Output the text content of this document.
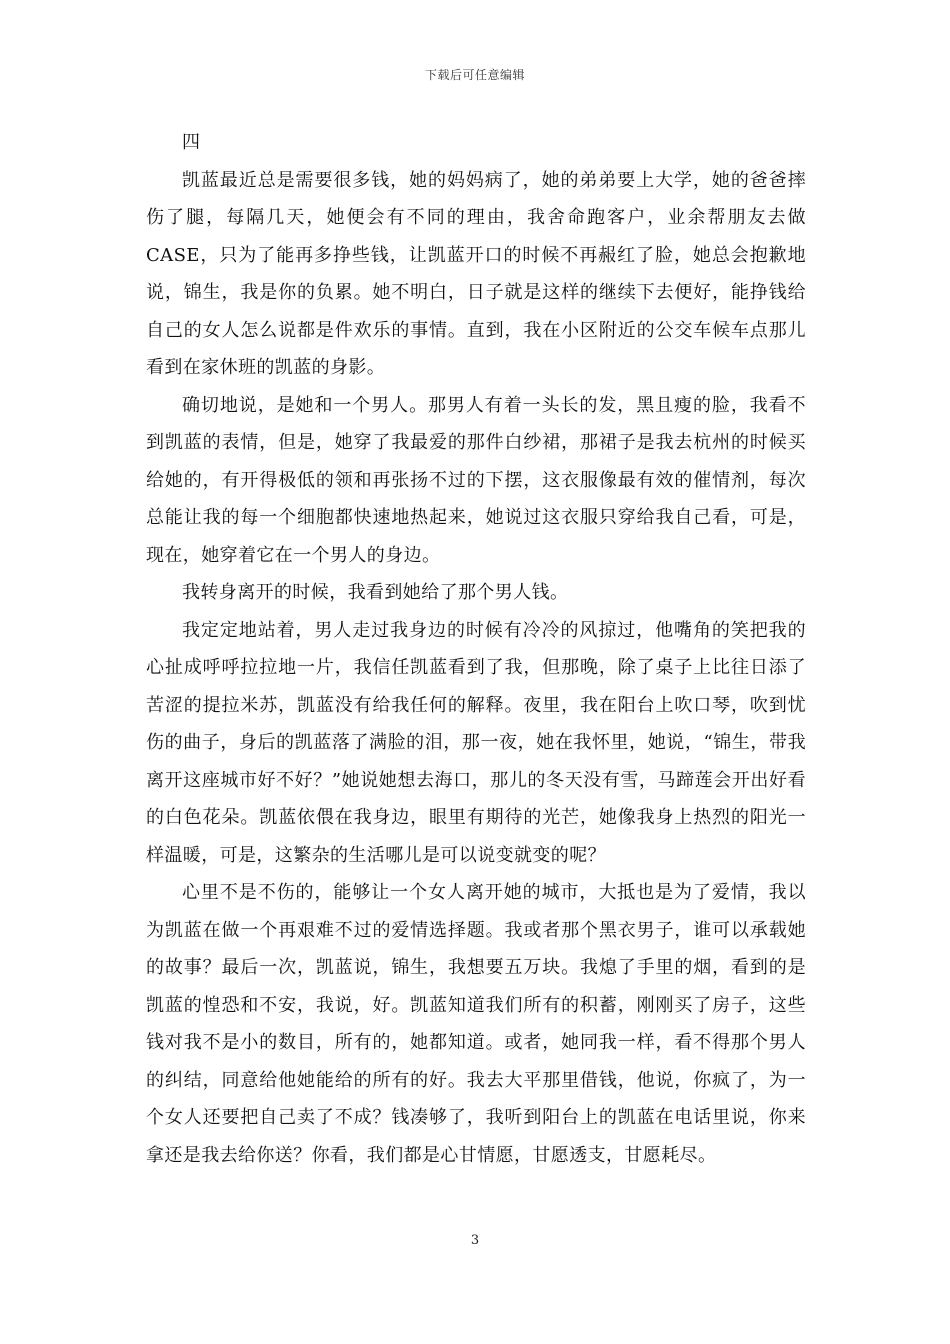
下载后可任意编辑

四

凯蓝最近总是需要很多钱，她的妈妈病了，她的弟弟要上大学，她的爸爸摔伤了腿，每隔几天，她便会有不同的理由，我舍命跑客户，业余帮朋友去做CASE，只为了能再多挣些钱，让凯蓝开口的时候不再赧红了脸，她总会抱歉地说，锦生，我是你的负累。她不明白，日子就是这样的继续下去便好，能挣钱给自己的女人怎么说都是件欢乐的事情。直到，我在小区附近的公交车候车点那儿看到在家休班的凯蓝的身影。

确切地说，是她和一个男人。那男人有着一头长的发，黑且瘦的脸，我看不到凯蓝的表情，但是，她穿了我最爱的那件白纱裙，那裙子是我去杭州的时候买给她的，有开得极低的领和再张扬不过的下摆，这衣服像最有效的催情剂，每次总能让我的每一个细胞都快速地热起来，她说过这衣服只穿给我自己看，可是，现在，她穿着它在一个男人的身边。

我转身离开的时候，我看到她给了那个男人钱。

我定定地站着，男人走过我身边的时候有冷冷的风掠过，他嘴角的笑把我的心扯成呼呼拉拉地一片，我信任凯蓝看到了我，但那晚，除了桌子上比往日添了苦涩的提拉米苏，凯蓝没有给我任何的解释。夜里，我在阳台上吹口琴，吹到忧伤的曲子，身后的凯蓝落了满脸的泪，那一夜，她在我怀里，她说，“锦生，带我离开这座城市好不好？”她说她想去海口，那儿的冬天没有雪，马蹄莲会开出好看的白色花朵。凯蓝依偎在我身边，眼里有期待的光芒，她像我身上热烈的阳光一样温暖，可是，这繁杂的生活哪儿是可以说变就变的呢？

心里不是不伤的，能够让一个女人离开她的城市，大抵也是为了爱情，我以为凯蓝在做一个再艰难不过的爱情选择题。我或者那个黑衣男子，谁可以承载她的故事？最后一次，凯蓝说，锦生，我想要五万块。我熄了手里的烟，看到的是凯蓝的惶恐和不安，我说，好。凯蓝知道我们所有的积蓄，刚刚买了房子，这些钱对我不是小的数目，所有的，她都知道。或者，她同我一样，看不得那个男人的纠结，同意给他她能给的所有的好。我去大平那里借钱，他说，你疯了，为一个女人还要把自己卖了不成？钱凑够了，我听到阳台上的凯蓝在电话里说，你来拿还是我去给你送？你看，我们都是心甘情愿，甘愿透支，甘愿耗尽。

3
